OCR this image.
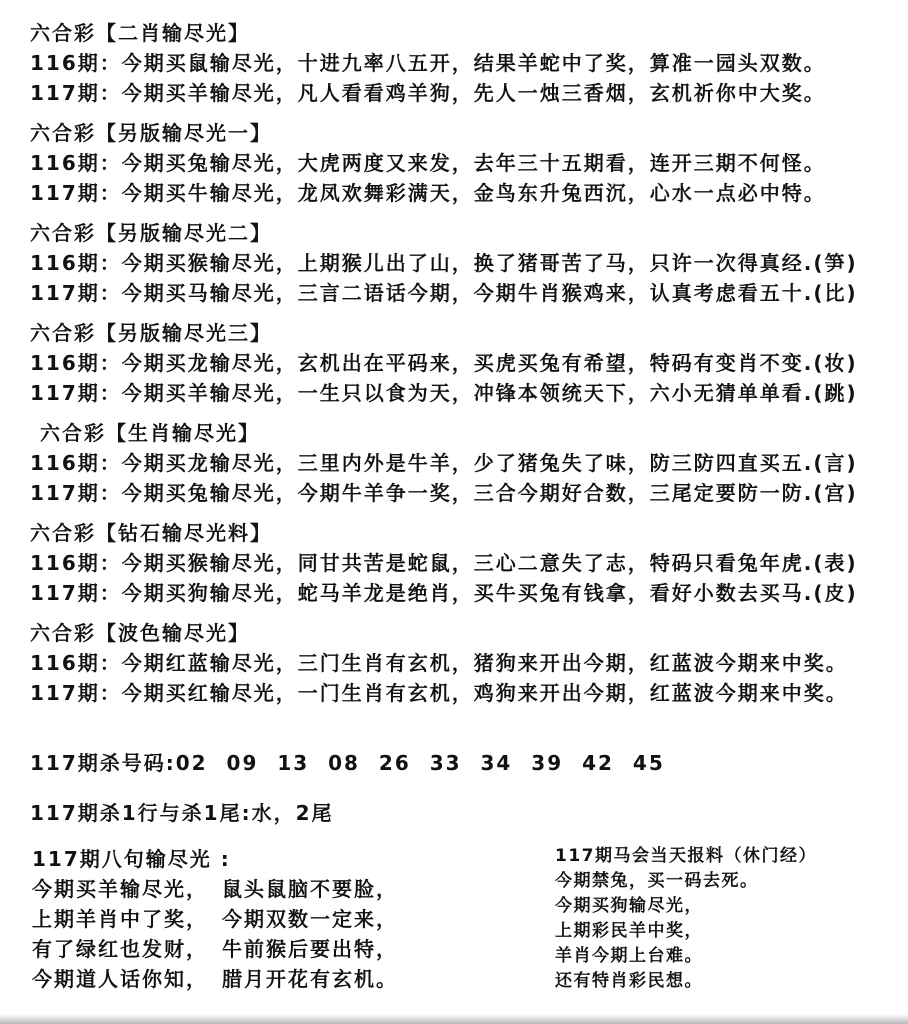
六合彩【二肖输尽光】
116期：今期买鼠输尽光，十进九率八五开，结果羊蛇中了奖，算准一园头双数。
117期：今期买羊输尽光，凡人看看鸡羊狗，先人一烛三香烟，玄机祈你中大奖。
六合彩【另版输尽光一】
116期：今期买兔输尽光，大虎两度又来发，去年三十五期看，连开三期不何怪。
117期：今期买牛输尽光，龙凤欢舞彩满天，金鸟东升兔西沉，心水一点必中特。
六合彩【另版输尽光二】
116期：今期买猴输尽光，上期猴儿出了山，换了猪哥苦了马，只许一次得真经.(笋)
117期：今期买马输尽光，三言二语话今期，今期牛肖猴鸡来，认真考虑看五十.(比)
六合彩【另版输尽光三】
116期：今期买龙输尽光，玄机出在平码来，买虎买兔有希望，特码有变肖不变.(妆)
117期：今期买羊输尽光，一生只以食为天，冲锋本领统天下，六小无猜单单看.(跳)
六合彩【生肖输尽光】
116期：今期买龙输尽光，三里内外是牛羊，少了猪兔失了味，防三防四直买五.(言)
117期：今期买兔输尽光，今期牛羊争一奖，三合今期好合数，三尾定要防一防.(宫)
六合彩【钻石输尽光料】
116期：今期买猴输尽光，同甘共苦是蛇鼠，三心二意失了志，特码只看兔年虎.(表)
117期：今期买狗输尽光，蛇马羊龙是绝肖，买牛买兔有钱拿，看好小数去买马.(皮)
六合彩【波色输尽光】
116期：今期红蓝输尽光，三门生肖有玄机，猪狗来开出今期，红蓝波今期来中奖。
117期：今期买红输尽光，一门生肖有玄机，鸡狗来开出今期，红蓝波今期来中奖。
117期杀号码:02 09 13 08 26 33 34 39 42 45
117期杀1行与杀1尾:水，2尾
117期八句输尽光 :
今期买羊输尽光， 鼠头鼠脑不要脸，
上期羊肖中了奖， 今期双数一定来，
有了绿红也发财， 牛前猴后要出特，
今期道人话你知， 腊月开花有玄机。
117期马会当天报料（休门经）
今期禁兔，买一码去死。
今期买狗输尽光，
上期彩民羊中奖，
羊肖今期上台难。
还有特肖彩民想。
